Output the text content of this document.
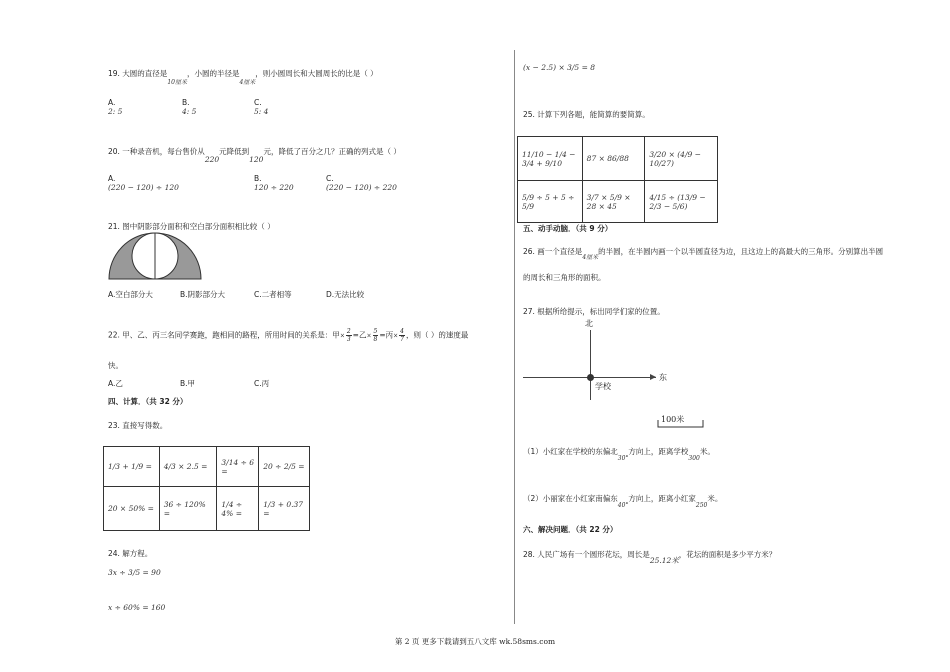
19. 大圆的直径是$_{10厘米}$，小圆的半径是$_{4厘米}$，则小圆周长和大圆周长的比是（ ）
A.
2: 5
B.
4: 5
C.
5: 4
20. 一种录音机，每台售价从220元降低到120元，降低了百分之几？正确的列式是（ ）
A.
(220 − 120) ÷ 120
B.
120 ÷ 220
C.
(220 − 120) ÷ 220
21. 图中阴影部分面积和空白部分面积相比较（ ）
A.空白部分大	B.阴影部分大	C.二者相等	D.无法比较
22. 甲、乙、丙三名同学赛跑，跑相同的路程，所用时间的关系是：甲× $\frac{2}{3}$ =乙× $\frac{5}{8}$ =丙× $\frac{4}{7}$ ，则（ ）的速度最
快。
A.乙	B.甲	C.丙
四、计算．（共 32 分）
23. 直接写得数。
1/3 + 1/9 =	4/3 × 2.5 =	3/14 ÷ 6 =	20 ÷ 2/5 =
20 × 50% =	36 ÷ 120% =	1/4 ÷ 4% =	1/3 + 0.37 =
24. 解方程。
3x ÷ 3/5 = 90
x ÷ 60% = 160
(x − 2.5) × 3/5 = 8
25. 计算下列各题，能简算的要简算。
11/10 − 1/4 − 3/4 + 9/10	87 × 86/88	3/20 × (4/9 − 10/27)
5/9 ÷ 5 + 5 ÷ 5/9	3/7 × 5/9 × 28 × 45	4/15 ÷ (13/9 − 2/3 − 5/6)
五、动手动脑．（共 9 分）
26. 画一个直径是$_{4厘米}$的半圆，在半圆内画一个以半圆直径为边，且这边上的高最大的三角形。分别算出半圆
的周长和三角形的面积。
27. 根据所给提示，标出同学们家的位置。
北
东
学校
100米
（1）小红家在学校的东偏北$_{30^\circ}$方向上，距离学校$_{300}$米。
（2）小丽家在小红家南偏东$_{40^\circ}$方向上，距离小红家$_{250}$米。
六、解决问题．（共 22 分）
28. 人民广场有一个圆形花坛，周长是25.12米，花坛的面积是多少平方米？
第 2 页 更多下载请到五八文库 wk.58sms.com
